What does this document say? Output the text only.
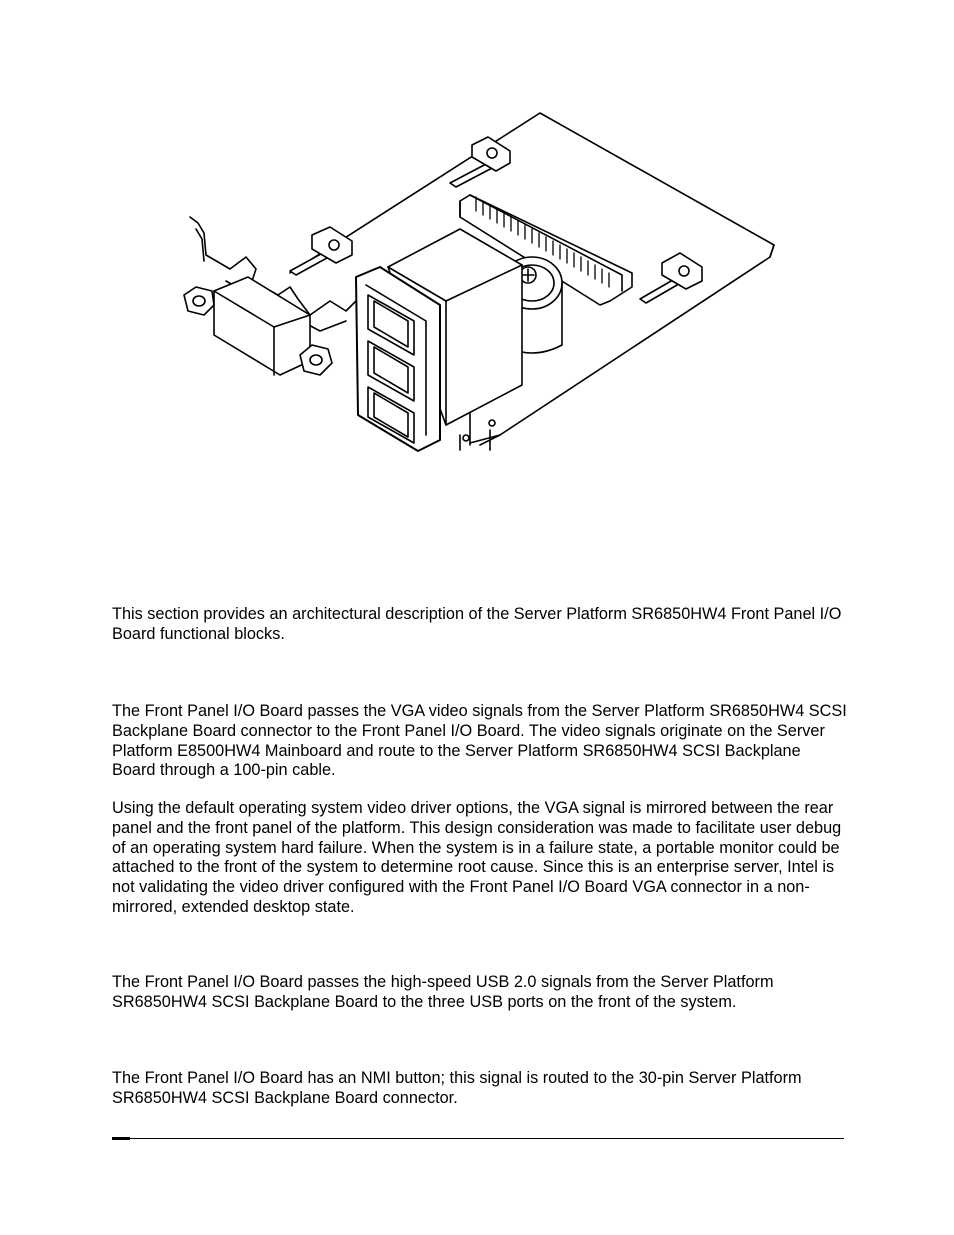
This section provides an architectural description of the Server Platform SR6850HW4 Front Panel I/O Board functional blocks.

The Front Panel I/O Board passes the VGA video signals from the Server Platform SR6850HW4 SCSI Backplane Board connector to the Front Panel I/O Board. The video signals originate on the Server Platform E8500HW4 Mainboard and route to the Server Platform SR6850HW4 SCSI Backplane Board through a 100-pin cable.

Using the default operating system video driver options, the VGA signal is mirrored between the rear panel and the front panel of the platform. This design consideration was made to facilitate user debug of an operating system hard failure. When the system is in a failure state, a portable monitor could be attached to the front of the system to determine root cause. Since this is an enterprise server, Intel is not validating the video driver configured with the Front Panel I/O Board VGA connector in a non-mirrored, extended desktop state.

The Front Panel I/O Board passes the high-speed USB 2.0 signals from the Server Platform SR6850HW4 SCSI Backplane Board to the three USB ports on the front of the system.

The Front Panel I/O Board has an NMI button; this signal is routed to the 30-pin Server Platform SR6850HW4 SCSI Backplane Board connector.
